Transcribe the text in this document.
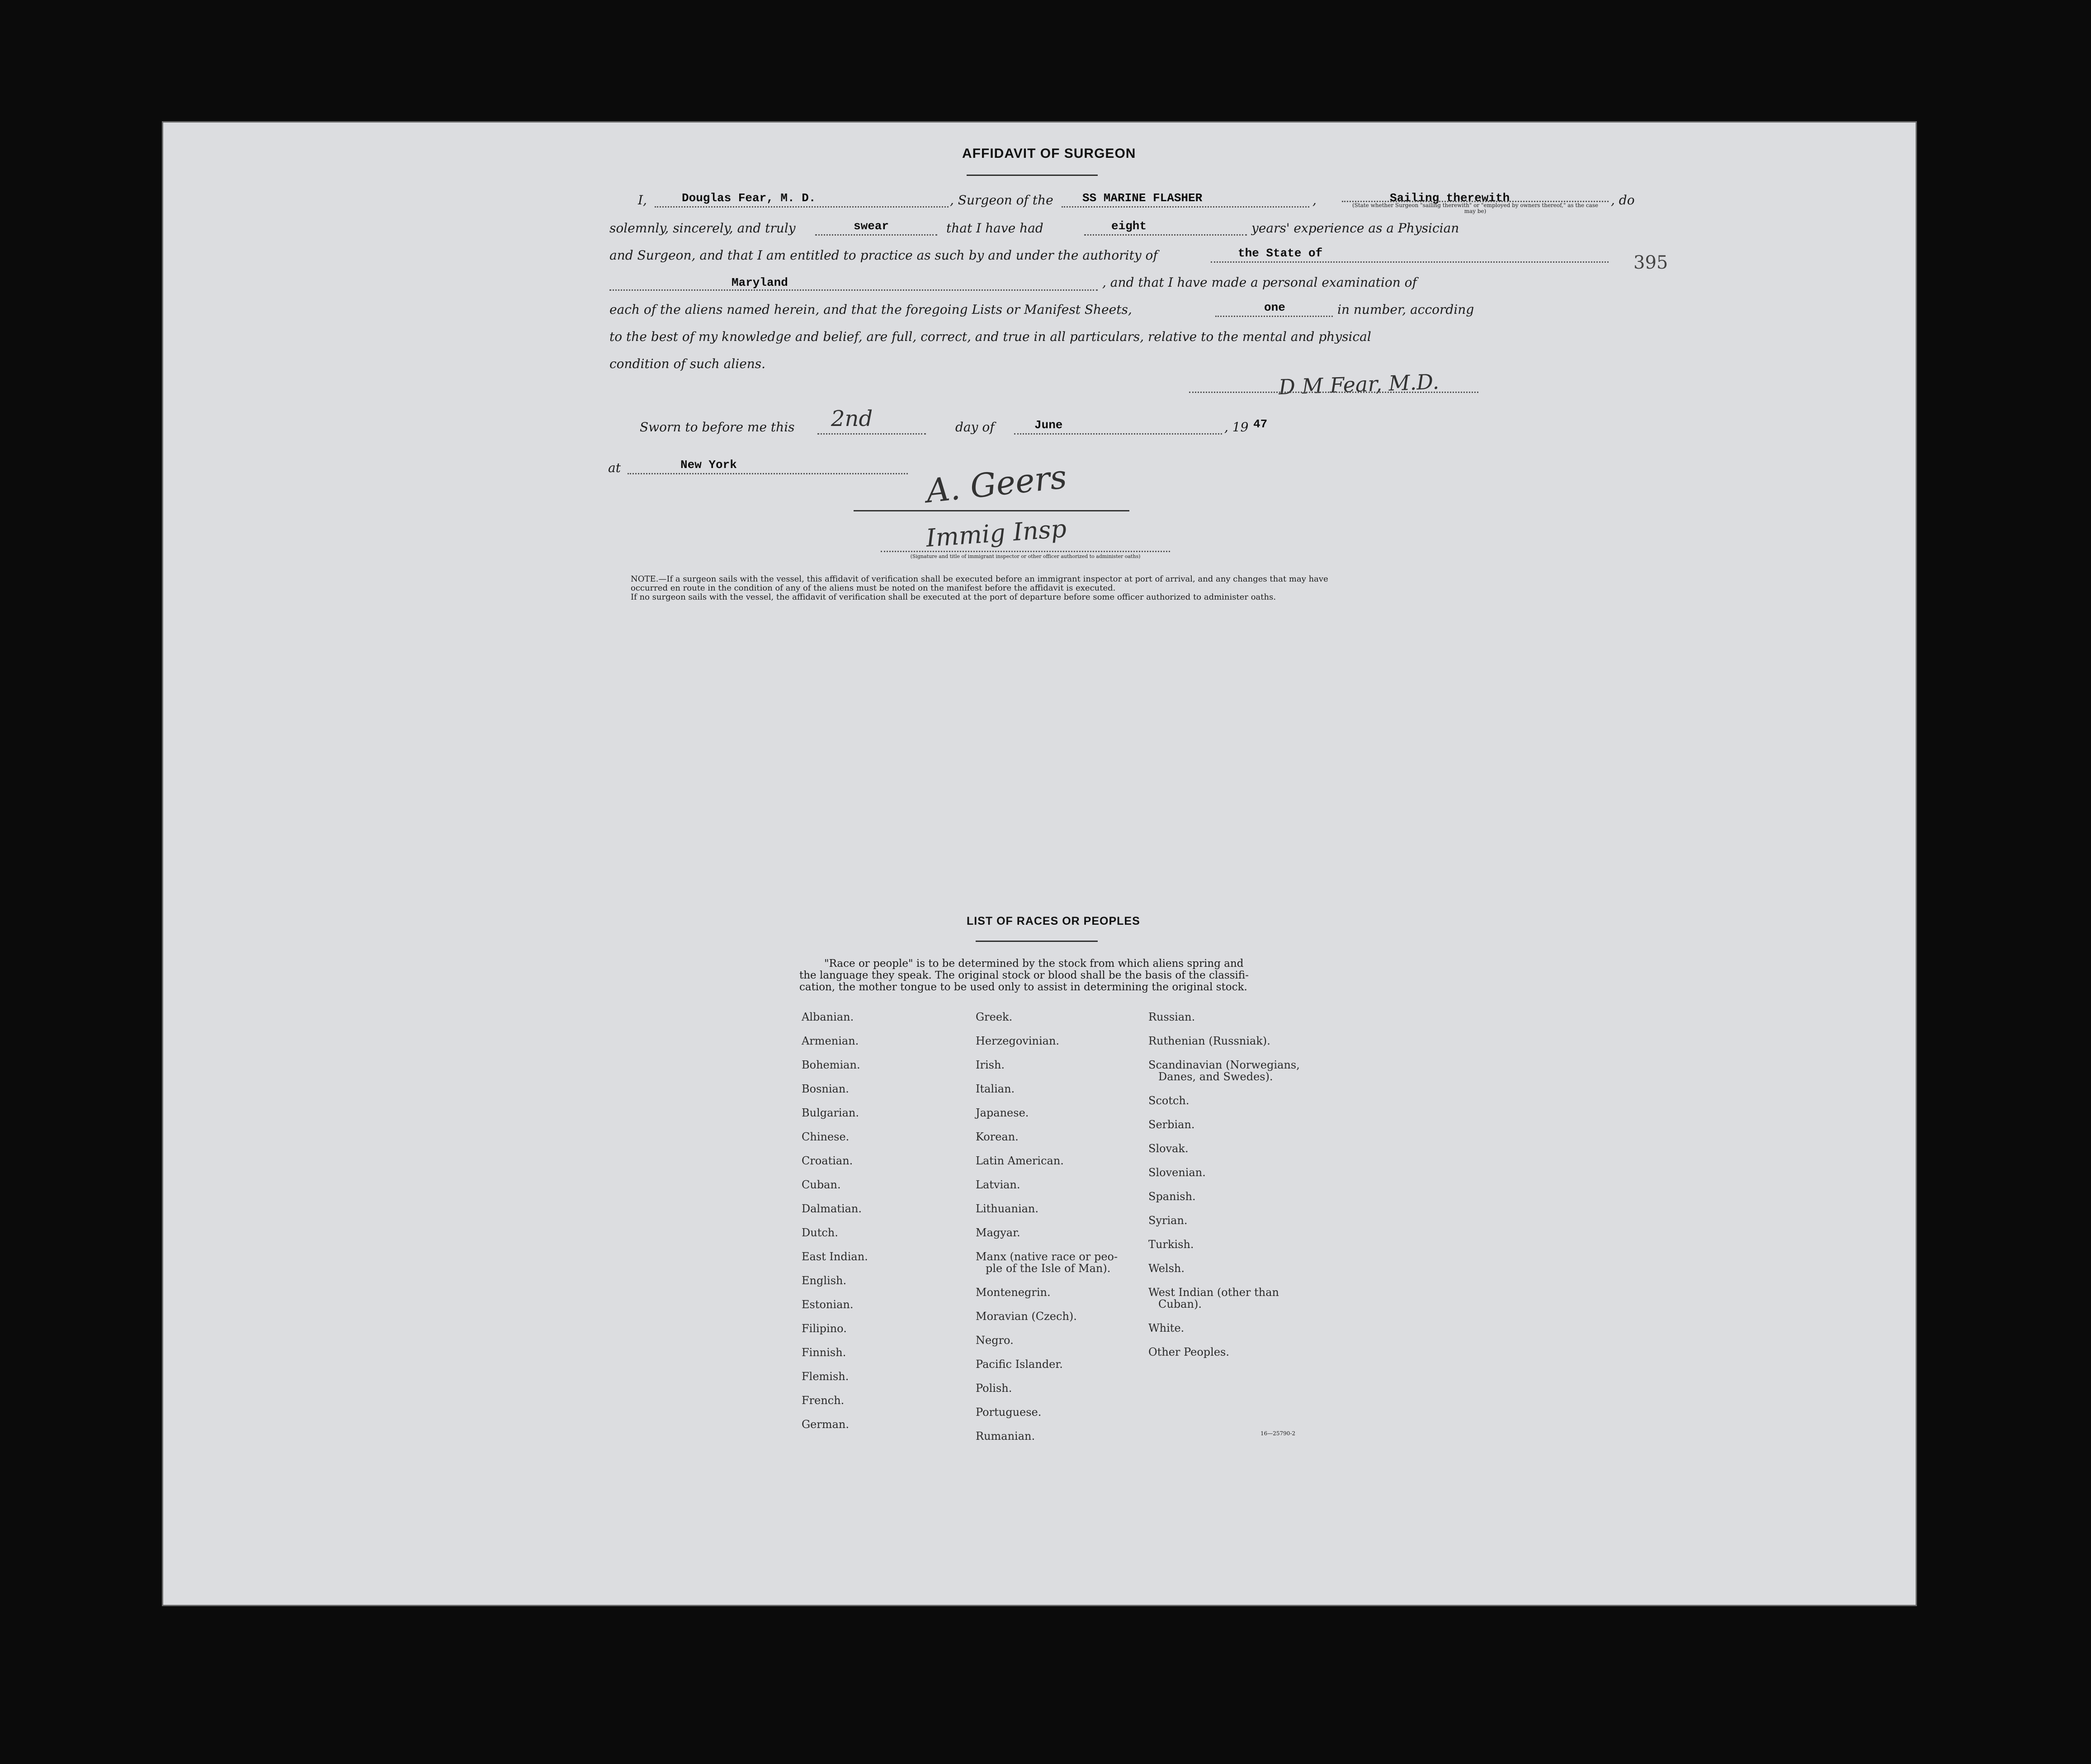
395
AFFIDAVIT OF SURGEON
I,	Douglas Fear, M. D.	, Surgeon of the SS MARINE FLASHER	,	Sailing therewith
(State whether Surgeon "sailing therewith" or "employed by owners thereof," as the case may be)
, do
solemnly, sincerely, and truly	swear	that I have had	eight	years' experience as a Physician
and Surgeon, and that I am entitled to practice as such by and under the authority of	the State of
Maryland	, and that I have made a personal examination of
each of the aliens named herein, and that the foregoing Lists or Manifest Sheets,	one	in number, according
to the best of my knowledge and belief, are full, correct, and true in all particulars, relative to the mental and physical
condition of such aliens.
D M Fear, M.D.
Sworn to before me this 2nd	day of	June	, 19 47
at	New York	A. Geers
Immig Insp
(Signature and title of immigrant inspector or other officer authorized to administer oaths)
NOTE.—If a surgeon sails with the vessel, this affidavit of verification shall be executed before an immigrant inspector at port of arrival, and any changes that may have
occurred en route in the condition of any of the aliens must be noted on the manifest before the affidavit is executed.
If no surgeon sails with the vessel, the affidavit of verification shall be executed at the port of departure before some officer authorized to administer oaths.
LIST OF RACES OR PEOPLES
"Race or people" is to be determined by the stock from which aliens spring and
the language they speak. The original stock or blood shall be the basis of the classifi-
cation, the mother tongue to be used only to assist in determining the original stock.
Albanian.
Armenian.
Bohemian.
Bosnian.
Bulgarian.
Chinese.
Croatian.
Cuban.
Dalmatian.
Dutch.
East Indian.
English.
Estonian.
Filipino.
Finnish.
Flemish.
French.
German.
Greek.
Herzegovinian.
Irish.
Italian.
Japanese.
Korean.
Latin American.
Latvian.
Lithuanian.
Magyar.
Manx (native race or peo-
ple of the Isle of Man).
Montenegrin.
Moravian (Czech).
Negro.
Pacific Islander.
Polish.
Portuguese.
Rumanian.
Russian.
Ruthenian (Russniak).
Scandinavian (Norwegians,
Danes, and Swedes).
Scotch.
Serbian.
Slovak.
Slovenian.
Spanish.
Syrian.
Turkish.
Welsh.
West Indian (other than
Cuban).
White.
Other Peoples.
16—25790-2
